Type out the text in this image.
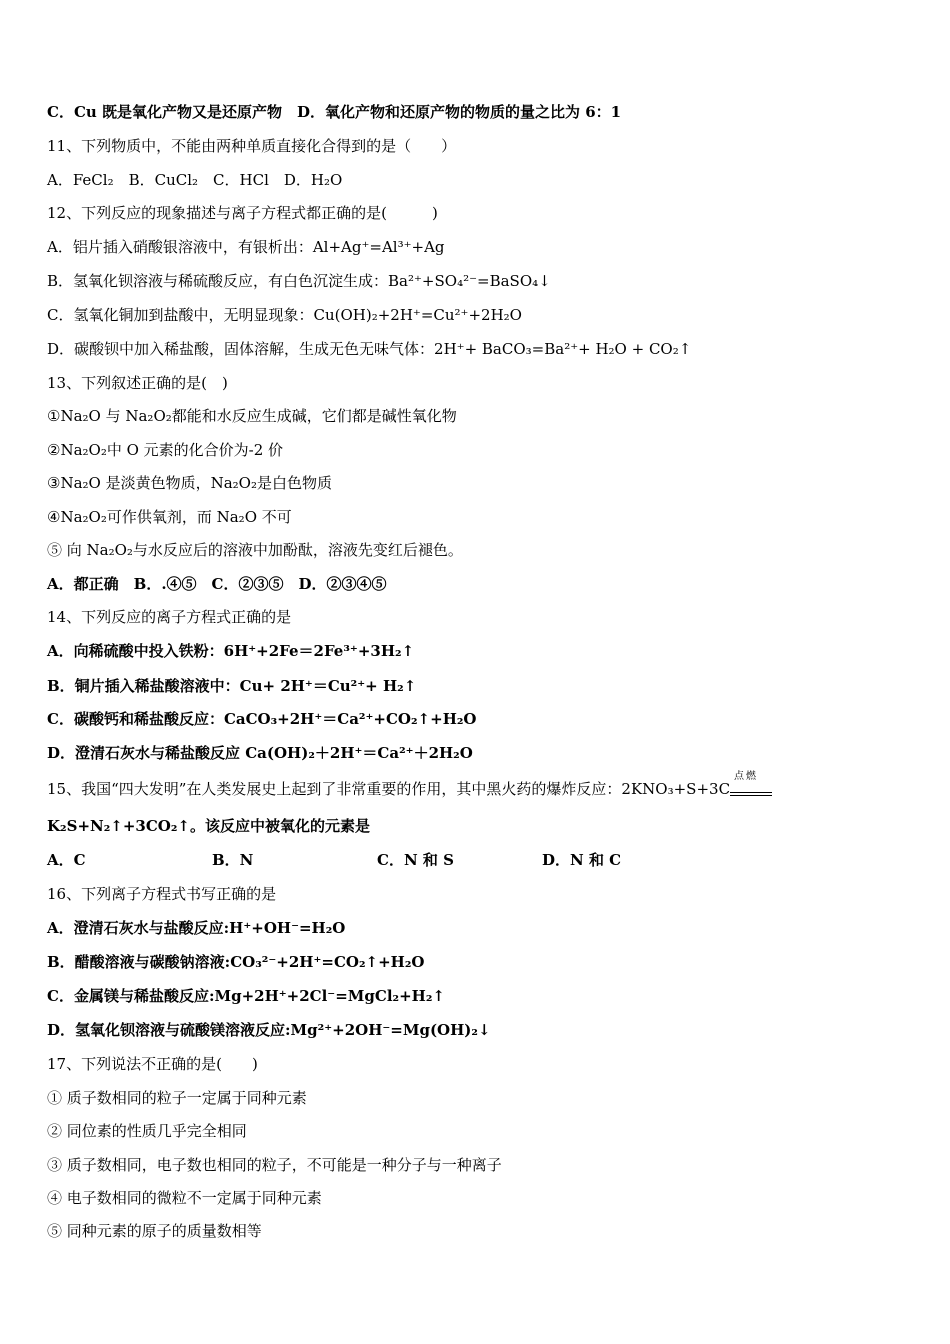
C．Cu 既是氧化产物又是还原产物　D．氧化产物和还原产物的物质的量之比为 6：1
11、下列物质中，不能由两种单质直接化合得到的是（　　）
A．FeCl₂　B．CuCl₂　C．HCl　D．H₂O
12、下列反应的现象描述与离子方程式都正确的是(　　　)
A．铝片插入硝酸银溶液中，有银析出：Al+Ag⁺=Al³⁺+Ag
B．氢氧化钡溶液与稀硫酸反应，有白色沉淀生成：Ba²⁺+SO₄²⁻=BaSO₄↓
C．氢氧化铜加到盐酸中，无明显现象：Cu(OH)₂+2H⁺=Cu²⁺+2H₂O
D．碳酸钡中加入稀盐酸，固体溶解，生成无色无味气体：2H⁺+ BaCO₃=Ba²⁺+ H₂O + CO₂↑
13、下列叙述正确的是(　)
①Na₂O 与 Na₂O₂都能和水反应生成碱，它们都是碱性氧化物
②Na₂O₂中 O 元素的化合价为-2 价
③Na₂O 是淡黄色物质，Na₂O₂是白色物质
④Na₂O₂可作供氧剂，而 Na₂O 不可
⑤ 向 Na₂O₂与水反应后的溶液中加酚酞，溶液先变红后褪色。
A．都正确　B．.④⑤　C．②③⑤　D．②③④⑤
14、下列反应的离子方程式正确的是
A．向稀硫酸中投入铁粉：6H⁺+2Fe＝2Fe³⁺+3H₂↑
B．铜片插入稀盐酸溶液中：Cu+ 2H⁺＝Cu²⁺+ H₂↑
C．碳酸钙和稀盐酸反应：CaCO₃+2H⁺＝Ca²⁺+CO₂↑+H₂O
D．澄清石灰水与稀盐酸反应 Ca(OH)₂＋2H⁺＝Ca²⁺＋2H₂O
15、我国“四大发明”在人类发展史上起到了非常重要的作用，其中黑火药的爆炸反应：2KNO₃+S+3C
点燃
K₂S+N₂↑+3CO₂↑。该反应中被氧化的元素是
A．C	B．N	C．N 和 S	D．N 和 C
16、下列离子方程式书写正确的是
A．澄清石灰水与盐酸反应:H⁺+OH⁻=H₂O
B．醋酸溶液与碳酸钠溶液:CO₃²⁻+2H⁺=CO₂↑+H₂O
C．金属镁与稀盐酸反应:Mg+2H⁺+2Cl⁻=MgCl₂+H₂↑
D．氢氧化钡溶液与硫酸镁溶液反应:Mg²⁺+2OH⁻=Mg(OH)₂↓
17、下列说法不正确的是(　　)
① 质子数相同的粒子一定属于同种元素
② 同位素的性质几乎完全相同
③ 质子数相同，电子数也相同的粒子，不可能是一种分子与一种离子
④ 电子数相同的微粒不一定属于同种元素
⑤ 同种元素的原子的质量数相等
